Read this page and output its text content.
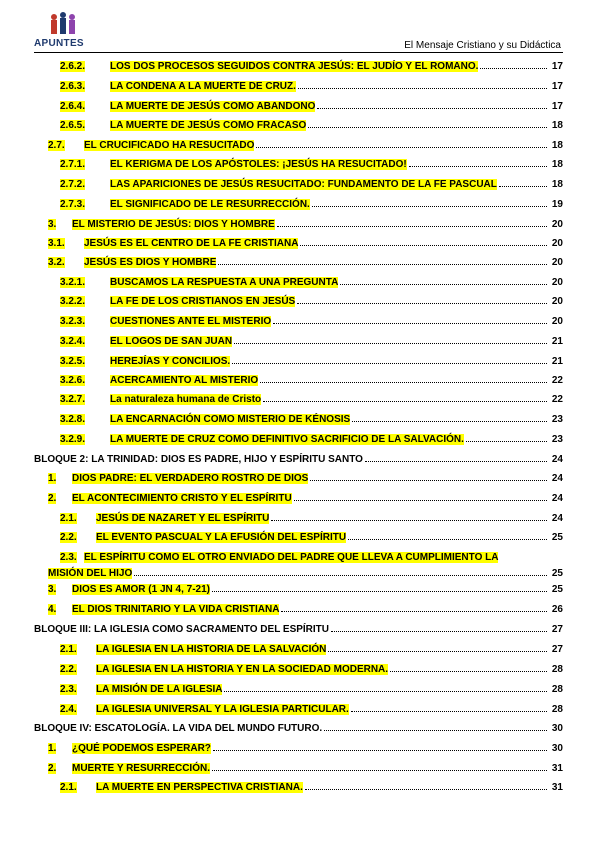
APUNTES	El Mensaje Cristiano y su Didáctica
2.6.2. LOS DOS PROCESOS SEGUIDOS CONTRA JESÚS: EL JUDÍO Y EL ROMANO.	17
2.6.3. LA CONDENA A LA MUERTE DE CRUZ.	17
2.6.4. LA MUERTE DE JESÚS COMO ABANDONO	17
2.6.5. LA MUERTE DE JESÚS COMO FRACASO	18
2.7. EL CRUCIFICADO HA RESUCITADO	18
2.7.1. EL KERIGMA DE LOS APÓSTOLES: ¡JESÚS HA RESUCITADO!	18
2.7.2. LAS APARICIONES DE JESÚS RESUCITADO: FUNDAMENTO DE LA FE PASCUAL	18
2.7.3. EL SIGNIFICADO DE LE RESURRECCIÓN.	19
3. EL MISTERIO DE JESÚS: DIOS Y HOMBRE	20
3.1. JESÚS ES EL CENTRO DE LA FE CRISTIANA	20
3.2. JESÚS ES DIOS Y HOMBRE	20
3.2.1. BUSCAMOS LA RESPUESTA A UNA PREGUNTA	20
3.2.2. LA FE DE LOS CRISTIANOS EN JESÚS	20
3.2.3. CUESTIONES ANTE EL MISTERIO	20
3.2.4. EL LOGOS DE SAN JUAN	21
3.2.5. HEREJÍAS Y CONCILIOS.	21
3.2.6. ACERCAMIENTO AL MISTERIO	22
3.2.7. La naturaleza humana de Cristo	22
3.2.8. LA ENCARNACIÓN COMO MISTERIO DE KÉNOSIS	23
3.2.9. LA MUERTE DE CRUZ COMO DEFINITIVO SACRIFICIO DE LA SALVACIÓN.	23
BLOQUE 2: LA TRINIDAD: DIOS ES PADRE, HIJO Y ESPÍRITU SANTO	24
1. DIOS PADRE: EL VERDADERO ROSTRO DE DIOS	24
2. EL ACONTECIMIENTO CRISTO Y EL ESPÍRITU	24
2.1. JESÚS DE NAZARET Y EL ESPÍRITU	24
2.2. EL EVENTO PASCUAL Y LA EFUSIÓN DEL ESPÍRITU	25
2.3. EL ESPÍRITU COMO EL OTRO ENVIADO DEL PADRE QUE LLEVA A CUMPLIMIENTO LA
MISIÓN DEL HIJO	25
3. DIOS ES AMOR (1 JN 4, 7-21)	25
4. EL DIOS TRINITARIO Y LA VIDA CRISTIANA	26
BLOQUE III: LA IGLESIA COMO SACRAMENTO DEL ESPÍRITU	27
2.1. LA IGLESIA EN LA HISTORIA DE LA SALVACIÓN	27
2.2. LA IGLESIA EN LA HISTORIA Y EN LA SOCIEDAD MODERNA.	28
2.3. LA MISIÓN DE LA IGLESIA	28
2.4. LA IGLESIA UNIVERSAL Y LA IGLESIA PARTICULAR.	28
BLOQUE IV: ESCATOLOGÍA. LA VIDA DEL MUNDO FUTURO.	30
1. ¿QUÉ PODEMOS ESPERAR?	30
2. MUERTE Y RESURRECCIÓN.	31
2.1. LA MUERTE EN PERSPECTIVA CRISTIANA.	31
